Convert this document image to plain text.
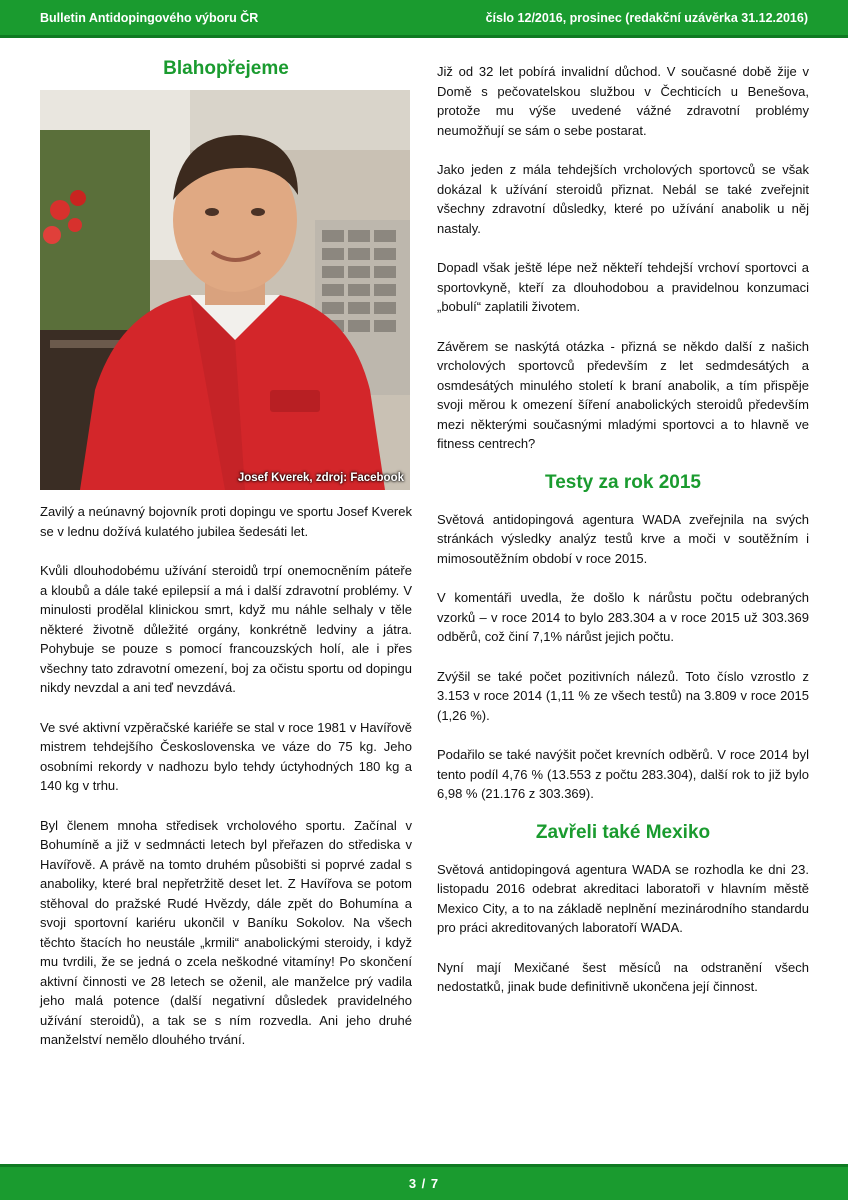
Bulletin Antidopingového výboru ČR	číslo 12/2016, prosinec (redakční uzávěrka 31.12.2016)
Blahopřejeme
Josef Kverek, zdroj: Facebook

Zavilý a neúnavný bojovník proti dopingu ve sportu Josef Kverek se v lednu dožívá kulatého jubilea šedesáti let.

Kvůli dlouhodobému užívání steroidů trpí onemocněním páteře a kloubů a dále také epilepsií a má i další zdravotní problémy. V minulosti prodělal klinickou smrt, když mu náhle selhaly v těle některé životně důležité orgány, konkrétně ledviny a játra. Pohybuje se pouze s pomocí francouzských holí, ale i přes všechny tato zdravotní omezení, boj za očistu sportu od dopingu nikdy nevzdal a ani teď nevzdává.

Ve své aktivní vzpěračské kariéře se stal v roce 1981 v Havířově mistrem tehdejšího Československa ve váze do 75 kg. Jeho osobními rekordy v nadhozu bylo tehdy úctyhodných 180 kg a 140 kg v trhu.

Byl členem mnoha středisek vrcholového sportu. Začínal v Bohumíně a již v sedmnácti letech byl přeřazen do střediska v Havířově. A právě na tomto druhém působišti si poprvé zadal s anaboliky, které bral nepřetržitě deset let. Z Havířova se potom stěhoval do pražské Rudé Hvězdy, dále zpět do Bohumína a svoji sportovní kariéru ukončil v Baníku Sokolov. Na všech těchto štacích ho neustále „krmili“ anabolickými steroidy, i když mu tvrdili, že se jedná o zcela neškodné vitamíny! Po skončení aktivní činnosti ve 28 letech se oženil, ale manželce prý vadila jeho malá potence (další negativní důsledek pravidelného užívání steroidů), a tak se s ním rozvedla. Ani jeho druhé manželství nemělo dlouhého trvání.

Již od 32 let pobírá invalidní důchod. V současné době žije v Domě s pečovatelskou službou v Čechticích u Benešova, protože mu výše uvedené vážné zdravotní problémy neumožňují se sám o sebe postarat.

Jako jeden z mála tehdejších vrcholových sportovců se však dokázal k užívání steroidů přiznat. Nebál se také zveřejnit všechny zdravotní důsledky, které po užívání anabolik u něj nastaly.

Dopadl však ještě lépe než někteří tehdejší vrchoví sportovci a sportovkyně, kteří za dlouhodobou a pravidelnou konzumaci „bobulí“ zaplatili životem.

Závěrem se naskýtá otázka - přizná se někdo další z našich vrcholových sportovců především z let sedmdesátých a osmdesátých minulého století k braní anabolik, a tím přispěje svoji měrou k omezení šíření anabolických steroidů především mezi některými současnými mladými sportovci a to hlavně ve fitness centrech?

Testy za rok 2015

Světová antidopingová agentura WADA zveřejnila na svých stránkách výsledky analýz testů krve a moči v soutěžním i mimosoutěžním období v roce 2015.

V komentáři uvedla, že došlo k nárůstu počtu odebraných vzorků – v roce 2014 to bylo 283.304 a v roce 2015 už 303.369 odběrů, což činí 7,1% nárůst jejich počtu.

Zvýšil se také počet pozitivních nálezů. Toto číslo vzrostlo z 3.153 v roce 2014 (1,11 % ze všech testů) na 3.809 v roce 2015 (1,26 %).

Podařilo se také navýšit počet krevních odběrů. V roce 2014 byl tento podíl 4,76 % (13.553 z počtu 283.304), další rok to již bylo 6,98 % (21.176 z 303.369).

Zavřeli také Mexiko

Světová antidopingová agentura WADA se rozhodla ke dni 23. listopadu 2016 odebrat akreditaci laboratoři v hlavním městě Mexico City, a to na základě neplnění mezinárodního standardu pro práci akreditovaných laboratoří WADA.

Nyní mají Mexičané šest měsíců na odstranění všech nedostatků, jinak bude definitivně ukončena její činnost.

3 / 7
